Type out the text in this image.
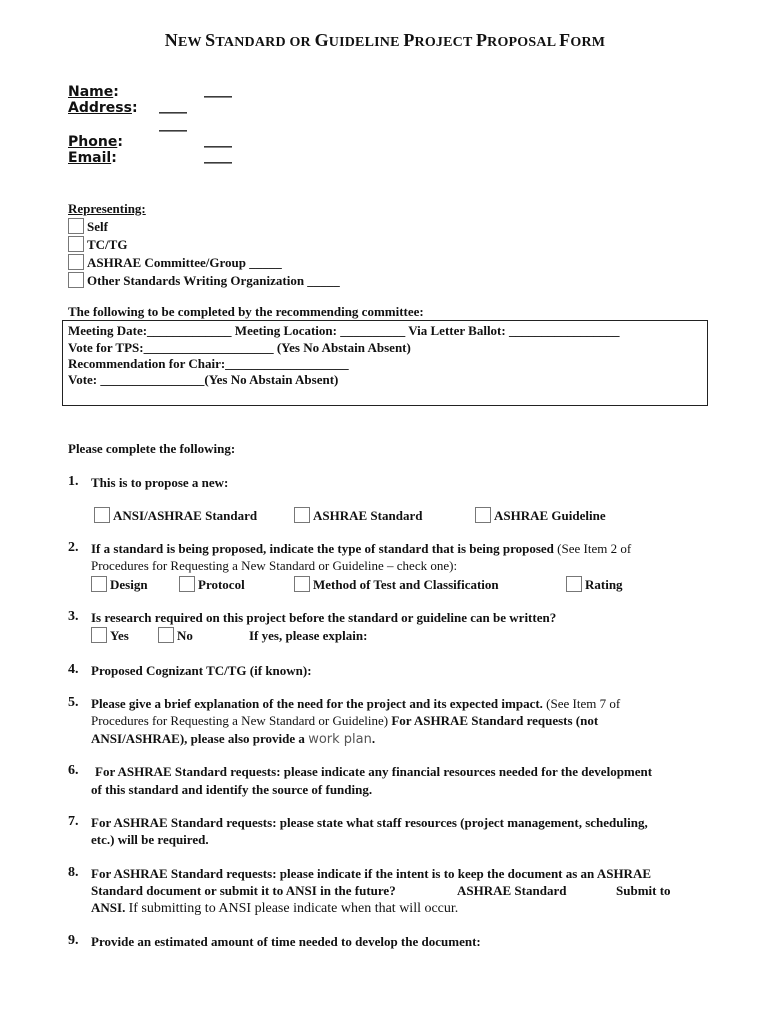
NEW STANDARD OR GUIDELINE PROJECT PROPOSAL FORM
Name:	____
Address: ____
____
Phone:	____
Email:	____
Representing:
Self
TC/TG
ASHRAE Committee/Group _____
Other Standards Writing Organization _____
The following to be completed by the recommending committee:
Meeting Date:_____________ Meeting Location: __________ Via Letter Ballot: _________________
Vote for TPS:____________________ (Yes No Abstain Absent)
Recommendation for Chair:___________________
Vote: ________________(Yes No Abstain Absent)
Please complete the following:
1. This is to propose a new:
ANSI/ASHRAE Standard	ASHRAE Standard	ASHRAE Guideline
2. If a standard is being proposed, indicate the type of standard that is being proposed (See Item 2 of
Procedures for Requesting a New Standard or Guideline – check one):
Design	Protocol	Method of Test and Classification	Rating
3. Is research required on this project before the standard or guideline can be written?
Yes	No	If yes, please explain:
4. Proposed Cognizant TC/TG (if known):
5. Please give a brief explanation of the need for the project and its expected impact. (See Item 7 of
Procedures for Requesting a New Standard or Guideline) For ASHRAE Standard requests (not
ANSI/ASHRAE), please also provide a work plan.
6. For ASHRAE Standard requests: please indicate any financial resources needed for the development
of this standard and identify the source of funding.
7. For ASHRAE Standard requests: please state what staff resources (project management, scheduling,
etc.) will be required.
8. For ASHRAE Standard requests: please indicate if the intent is to keep the document as an ASHRAE
Standard document or submit it to ANSI in the future?	ASHRAE Standard	Submit to
ANSI. If submitting to ANSI please indicate when that will occur.
9. Provide an estimated amount of time needed to develop the document:
